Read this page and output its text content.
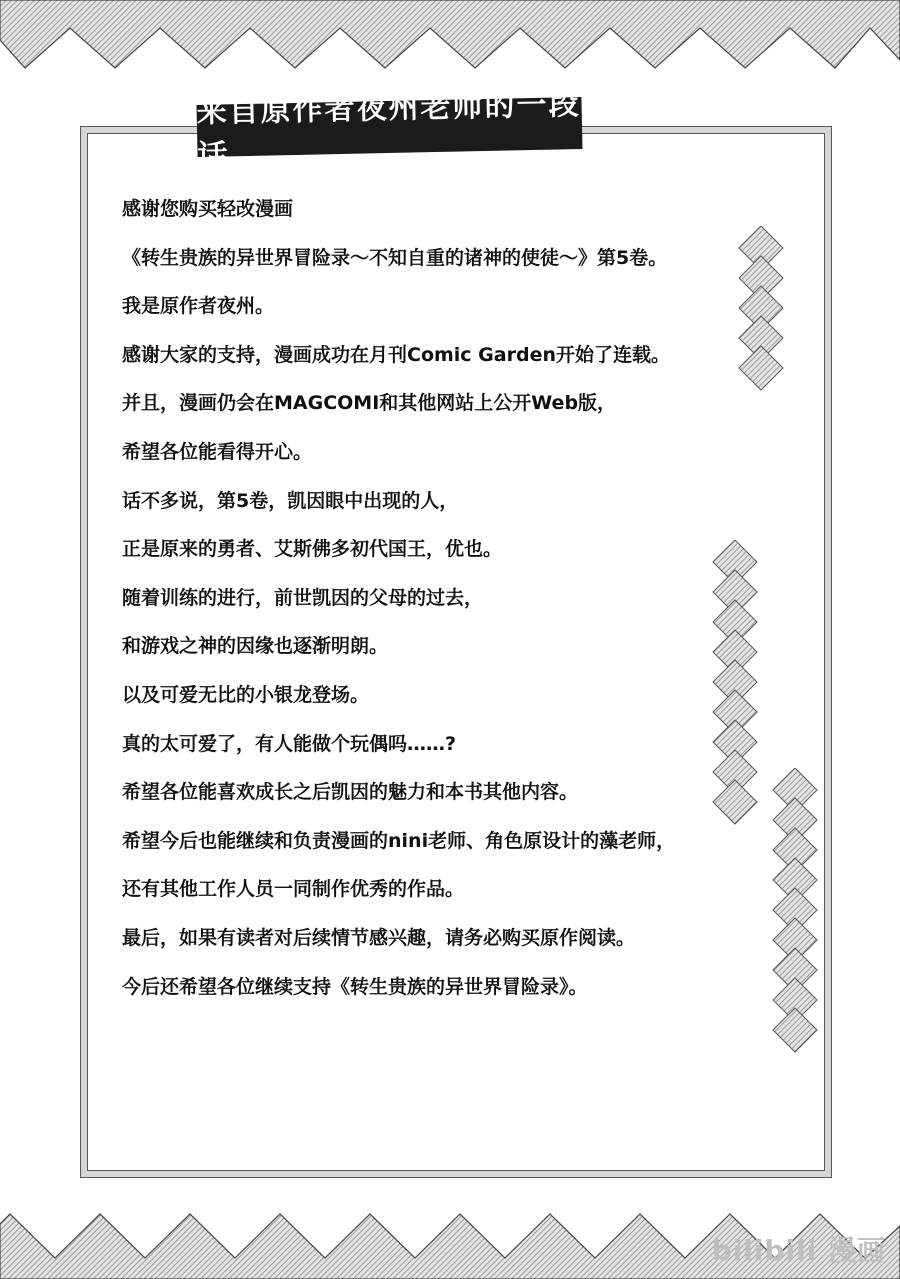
来自原作者夜州老师的一段话
感谢您购买轻改漫画
《转生贵族的异世界冒险录～不知自重的诸神的使徒～》第5卷。
我是原作者夜州。
感谢大家的支持，漫画成功在月刊Comic Garden开始了连载。
并且，漫画仍会在MAGCOMI和其他网站上公开Web版，
希望各位能看得开心。
话不多说，第5卷，凯因眼中出现的人，
正是原来的勇者、艾斯佛多初代国王，优也。
随着训练的进行，前世凯因的父母的过去，
和游戏之神的因缘也逐渐明朗。
以及可爱无比的小银龙登场。
真的太可爱了，有人能做个玩偶吗……?
希望各位能喜欢成长之后凯因的魅力和本书其他内容。
希望今后也能继续和负责漫画的nini老师、角色原设计的藻老师，
还有其他工作人员一同制作优秀的作品。
最后，如果有读者对后续情节感兴趣，请务必购买原作阅读。
今后还希望各位继续支持《转生贵族的异世界冒险录》。
bilibili 漫画
